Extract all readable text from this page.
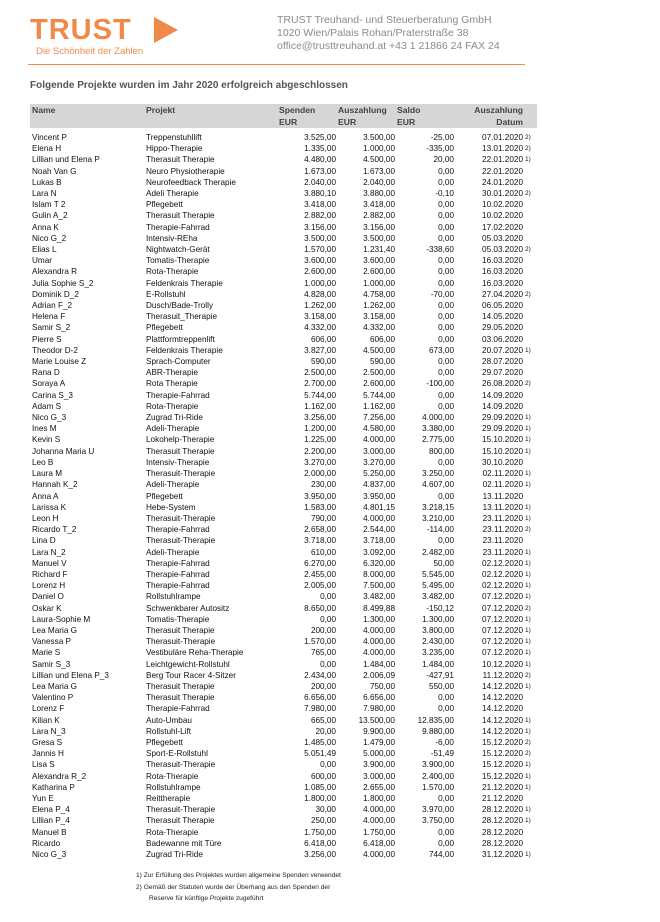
TRUST
Die Schönheit der Zahlen
TRUST Treuhand- und Steuerberatung GmbH
1020 Wien/Palais Rohan/Praterstraße 38
office@trusttreuhand.at +43 1 21866 24 FAX 24
Folgende Projekte wurden im Jahr 2020 erfolgreich abgeschlossen
Name	Projekt	Spenden	Auszahlung	Saldo	Auszahlung	
		EUR	EUR	EUR	Datum	

Vincent P	Treppenstuhllift	3.525,00	3.500,00	-25,00	07.01.2020	2)
Elena H	Hippo-Therapie	1.335,00	1.000,00	-335,00	13.01.2020	2)
Lillian und Elena P	Therasuit Therapie	4.480,00	4.500,00	20,00	22.01.2020	1)
Noah Van G	Neuro Physiotherapie	1.673,00	1.673,00	0,00	22.01.2020	
Lukas B	Neurofeedback Therapie	2.040,00	2.040,00	0,00	24.01.2020	
Lara N	Adeli Therapie	3.880,10	3.880,00	-0,10	30.01.2020	2)
Islam T 2	Pflegebett	3.418,00	3.418,00	0,00	10.02.2020	
Gulin A_2	Therasuit Therapie	2.882,00	2.882,00	0,00	10.02.2020	
Anna K	Therapie-Fahrrad	3.156,00	3.156,00	0,00	17.02.2020	
Nico G_2	Intensiv-REha	3.500,00	3.500,00	0,00	05.03.2020	
Elias L	Nightwatch-Gerät	1.570,00	1.231,40	-338,60	05.03.2020	2)
Umar	Tomatis-Therapie	3.600,00	3.600,00	0,00	16.03.2020	
Alexandra R	Rota-Therapie	2.600,00	2.600,00	0,00	16.03.2020	
Julia Sophie S_2	Feldenkrais Therapie	1.000,00	1.000,00	0,00	16.03.2020	
Dominik D_2	E-Rollstuhl	4.828,00	4.758,00	-70,00	27.04.2020	2)
Adrian F_2	Dusch/Bade-Trolly	1.262,00	1.262,00	0,00	06.05.2020	
Helena F	Therasuit_Therapie	3.158,00	3.158,00	0,00	14.05.2020	
Samir S_2	Pflegebett	4.332,00	4.332,00	0,00	29.05.2020	
Pierre S	Plattformtreppenlift	606,00	606,00	0,00	03.06.2020	
Theodor D-2	Feldenkrais Therapie	3.827,00	4.500,00	673,00	20.07.2020	1)
Marie Louise Z	Sprach-Computer	590,00	590,00	0,00	28.07.2020	
Rana D	ABR-Therapie	2.500,00	2.500,00	0,00	29.07.2020	
Soraya A	Rota Therapie	2.700,00	2.600,00	-100,00	26.08.2020	2)
Carina S_3	Therapie-Fahrrad	5.744,00	5.744,00	0,00	14.09.2020	
Adam S	Rota-Therapie	1.162,00	1.162,00	0,00	14.09.2020	
Nico G_3	Zugrad Tri-Ride	3.256,00	7.256,00	4.000,00	29.09.2020	1)
Ines M	Adeli-Therapie	1.200,00	4.580,00	3.380,00	29.09.2020	1)
Kevin S	Lokohelp-Therapie	1.225,00	4.000,00	2.775,00	15.10.2020	1)
Johanna Maria U	Therasuit Therapie	2.200,00	3.000,00	800,00	15.10.2020	1)
Leo B	Intensiv-Therapie	3.270,00	3.270,00	0,00	30.10.2020	
Laura M	Therasuit-Therapie	2.000,00	5.250,00	3.250,00	02.11.2020	1)
Hannah K_2	Adeli-Therapie	230,00	4.837,00	4.607,00	02.11.2020	1)
Anna A	Pflegebett	3.950,00	3.950,00	0,00	13.11.2020	
Larissa K	Hebe-System	1.583,00	4.801,15	3.218,15	13.11.2020	1)
Leon H	Therasuit-Therapie	790,00	4.000,00	3.210,00	23.11.2020	1)
Ricardo T_2	Therapie-Fahrrad	2.658,00	2.544,00	-114,00	23.11.2020	2)
Lina D	Therasuit-Therapie	3.718,00	3.718,00	0,00	23.11.2020	
Lara N_2	Adeli-Therapie	610,00	3.092,00	2.482,00	23.11.2020	1)
Manuel V	Therapie-Fahrrad	6.270,00	6.320,00	50,00	02.12.2020	1)
Richard F	Therapie-Fahrrad	2.455,00	8.000,00	5.545,00	02.12.2020	1)
Lorenz H	Therapie-Fahrrad	2.005,00	7.500,00	5.495,00	02.12.2020	1)
Daniel O	Rollstuhlrampe	0,00	3.482,00	3.482,00	07.12.2020	1)
Oskar K	Schwenkbarer Autositz	8.650,00	8.499,88	-150,12	07.12.2020	2)
Laura-Sophie M	Tomatis-Therapie	0,00	1.300,00	1.300,00	07.12.2020	1)
Lea Maria G	Therasuit Therapie	200,00	4.000,00	3.800,00	07.12.2020	1)
Vanessa P	Therasuit-Therapie	1.570,00	4.000,00	2.430,00	07.12.2020	1)
Marie S	Vestibuläre Reha-Therapie	765,00	4.000,00	3.235,00	07.12.2020	1)
Samir S_3	Leichtgewicht-Rollstuhl	0,00	1.484,00	1.484,00	10.12.2020	1)
Lillian und Elena P_3	Berg Tour Racer 4-Sitzer	2.434,00	2.006,09	-427,91	11.12.2020	2)
Lea Maria G	Therasuit Therapie	200,00	750,00	550,00	14.12.2020	1)
Valentino P	Therasuit Therapie	6.656,00	6.656,00	0,00	14.12.2020	
Lorenz F	Therapie-Fahrrad	7.980,00	7.980,00	0,00	14.12.2020	
Kilian K	Auto-Umbau	665,00	13.500,00	12.835,00	14.12.2020	1)
Lara N_3	Rollstuhl-Lift	20,00	9.900,00	9.880,00	14.12.2020	1)
Gresa S	Pflegebett	1.485,00	1.479,00	-6,00	15.12.2020	2)
Jannis H	Sport-E-Rollstuhl	5.051,49	5.000,00	-51,49	15.12.2020	2)
Lisa S	Therasuit-Therapie	0,00	3.900,00	3.900,00	15.12.2020	1)
Alexandra R_2	Rota-Therapie	600,00	3.000,00	2.400,00	15.12.2020	1)
Katharina P	Rollstuhlrampe	1.085,00	2.655,00	1.570,00	21.12.2020	1)
Yun E	Reittherapie	1.800,00	1.800,00	0,00	21.12.2020	
Elena P_4	Therasuit-Therapie	30,00	4.000,00	3.970,00	28.12.2020	1)
Lillian P_4	Therasuit Therapie	250,00	4.000,00	3.750,00	28.12.2020	1)
Manuel B	Rota-Therapie	1.750,00	1.750,00	0,00	28.12.2020	
Ricardo	Badewanne mit Türe	6.418,00	6.418,00	0,00	28.12.2020	
Nico G_3	Zugrad Tri-Ride	3.256,00	4.000,00	744,00	31.12.2020	1)
1) Zur Erfüllung des Projektes wurden allgemeine Spenden verwendet
2) Gemäß der Statuten wurde der Überhang aus den Spenden der
Reserve für künftige Projekte zugeführt
